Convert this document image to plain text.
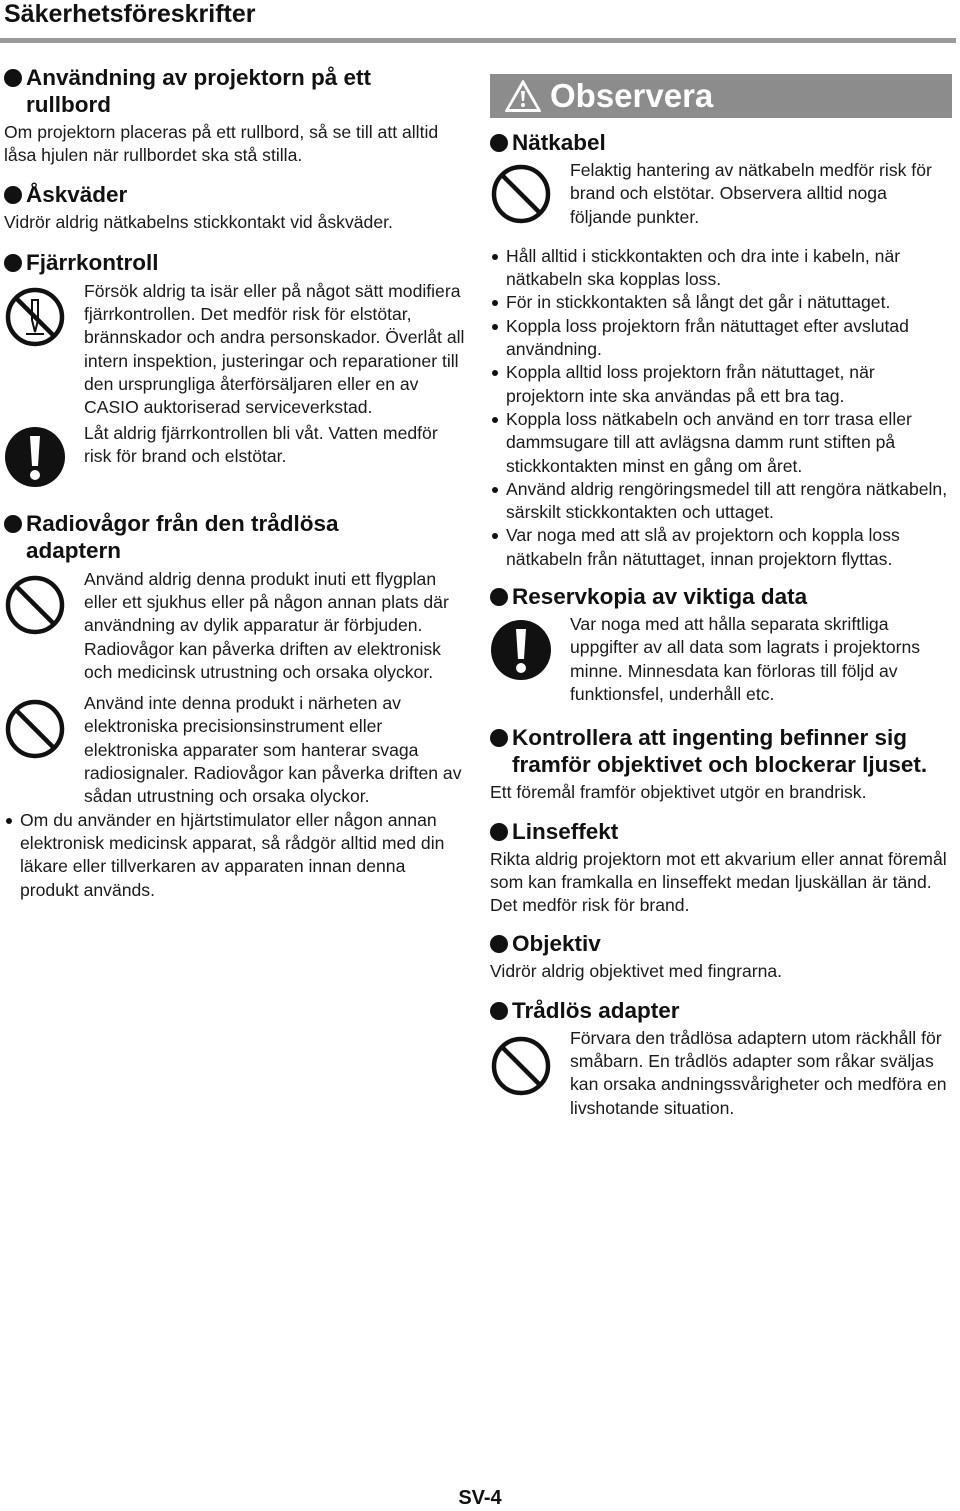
Säkerhetsföreskrifter
Användning av projektorn på ett rullbord

Om projektorn placeras på ett rullbord, så se till att alltid låsa hjulen när rullbordet ska stå stilla.

Åskväder

Vidrör aldrig nätkabelns stickkontakt vid åskväder.

Fjärrkontroll
Försök aldrig ta isär eller på något sätt modifiera fjärrkontrollen. Det medför risk för elstötar, brännskador och andra personskador. Överlåt all intern inspektion, justeringar och reparationer till den ursprungliga återförsäljaren eller en av CASIO auktoriserad serviceverkstad.
Låt aldrig fjärrkontrollen bli våt. Vatten medför risk för brand och elstötar.
Radiovågor från den trådlösa adaptern
Använd aldrig denna produkt inuti ett flygplan eller ett sjukhus eller på någon annan plats där användning av dylik apparatur är förbjuden. Radiovågor kan påverka driften av elektronisk och medicinsk utrustning och orsaka olyckor.
Använd inte denna produkt i närheten av elektroniska precisionsinstrument eller elektroniska apparater som hanterar svaga radiosignaler. Radiovågor kan påverka driften av sådan utrustning och orsaka olyckor.
Om du använder en hjärtstimulator eller någon annan elektronisk medicinsk apparat, så rådgör alltid med din läkare eller tillverkaren av apparaten innan denna produkt används.
Observera
Nätkabel
Felaktig hantering av nätkabeln medför risk för brand och elstötar. Observera alltid noga följande punkter.
Håll alltid i stickkontakten och dra inte i kabeln, när nätkabeln ska kopplas loss.
För in stickkontakten så långt det går i nätuttaget.
Koppla loss projektorn från nätuttaget efter avslutad användning.
Koppla alltid loss projektorn från nätuttaget, när projektorn inte ska användas på ett bra tag.
Koppla loss nätkabeln och använd en torr trasa eller dammsugare till att avlägsna damm runt stiften på stickkontakten minst en gång om året.
Använd aldrig rengöringsmedel till att rengöra nätkabeln, särskilt stickkontakten och uttaget.
Var noga med att slå av projektorn och koppla loss nätkabeln från nätuttaget, innan projektorn flyttas.
Reservkopia av viktiga data
Var noga med att hålla separata skriftliga uppgifter av all data som lagrats i projektorns minne. Minnesdata kan förloras till följd av funktionsfel, underhåll etc.
Kontrollera att ingenting befinner sig framför objektivet och blockerar ljuset.

Ett föremål framför objektivet utgör en brandrisk.

Linseffekt

Rikta aldrig projektorn mot ett akvarium eller annat föremål som kan framkalla en linseffekt medan ljuskällan är tänd. Det medför risk för brand.

Objektiv

Vidrör aldrig objektivet med fingrarna.

Trådlös adapter
Förvara den trådlösa adaptern utom räckhåll för småbarn. En trådlös adapter som råkar sväljas kan orsaka andningssvårigheter och medföra en livshotande situation.
SV-4
